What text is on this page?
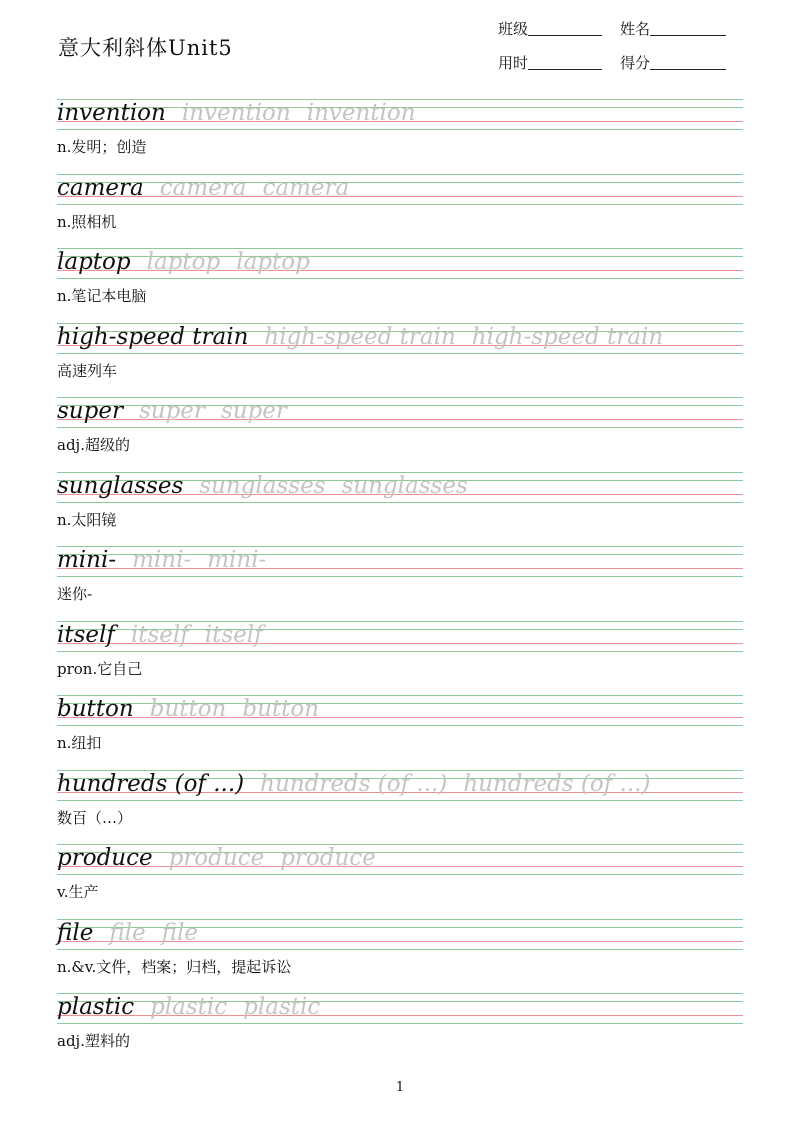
意大利斜体Unit5
班级	姓名
用时	得分
invention invention invention
n.发明；创造
camera camera camera
n.照相机
laptop laptop laptop
n.笔记本电脑
high-speed train high-speed train high-speed train
高速列车
super super super
adj.超级的
sunglasses sunglasses sunglasses
n.太阳镜
mini- mini- mini-
迷你-
itself itself itself
pron.它自己
button button button
n.纽扣
hundreds (of ...) hundreds (of ...) hundreds (of ...)
数百（…）
produce produce produce
v.生产
file file file
n.&v.文件，档案；归档，提起诉讼
plastic plastic plastic
adj.塑料的
1
